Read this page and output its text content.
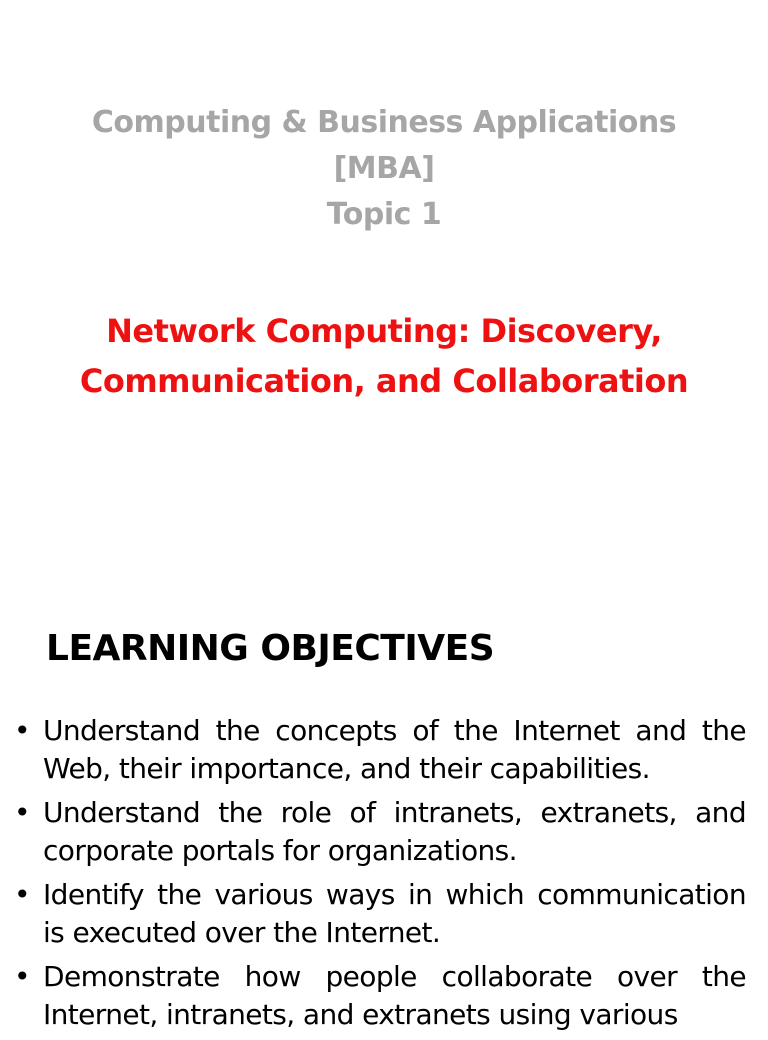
Computing & Business Applications
[MBA]
Topic 1
Network Computing: Discovery,
Communication, and Collaboration
LEARNING OBJECTIVES
• Understand the concepts of the Internet and the Web, their importance, and their capabilities.
• Understand the role of intranets, extranets, and corporate portals for organizations.
• Identify the various ways in which communication is executed over the Internet.
• Demonstrate how people collaborate over the Internet, intranets, and extranets using various
